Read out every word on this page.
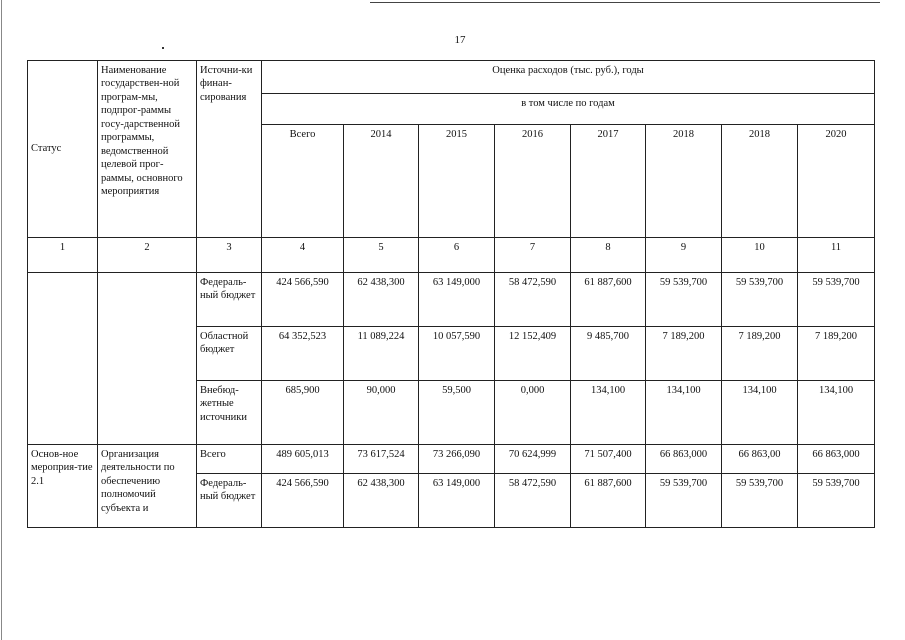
17
Статус	Наименование государствен-ной програм-мы, подпрог-раммы госу-дарственной программы, ведомственной целевой прог-раммы, основного мероприятия	Источни-ки финан-сирования	Оценка расходов (тыс. руб.), годы							
			в том числе по годам							
			Всего	2014	2015	2016	2017	2018	2018	2020
1	2	3	4	5	6	7	8	9	10	11
		Федераль-ный бюджет	424 566,590	62 438,300	63 149,000	58 472,590	61 887,600	59 539,700	59 539,700	59 539,700
		Областной бюджет	64 352,523	11 089,224	10 057,590	12 152,409	9 485,700	7 189,200	7 189,200	7 189,200
		Внебюд-жетные источники	685,900	90,000	59,500	0,000	134,100	134,100	134,100	134,100
Основ-ное мероприя-тие 2.1	Организация деятельности по обеспечению полномочий субъекта и	Всего	489 605,013	73 617,524	73 266,090	70 624,999	71 507,400	66 863,000	66 863,00	66 863,000
		Федераль-ный бюджет	424 566,590	62 438,300	63 149,000	58 472,590	61 887,600	59 539,700	59 539,700	59 539,700
